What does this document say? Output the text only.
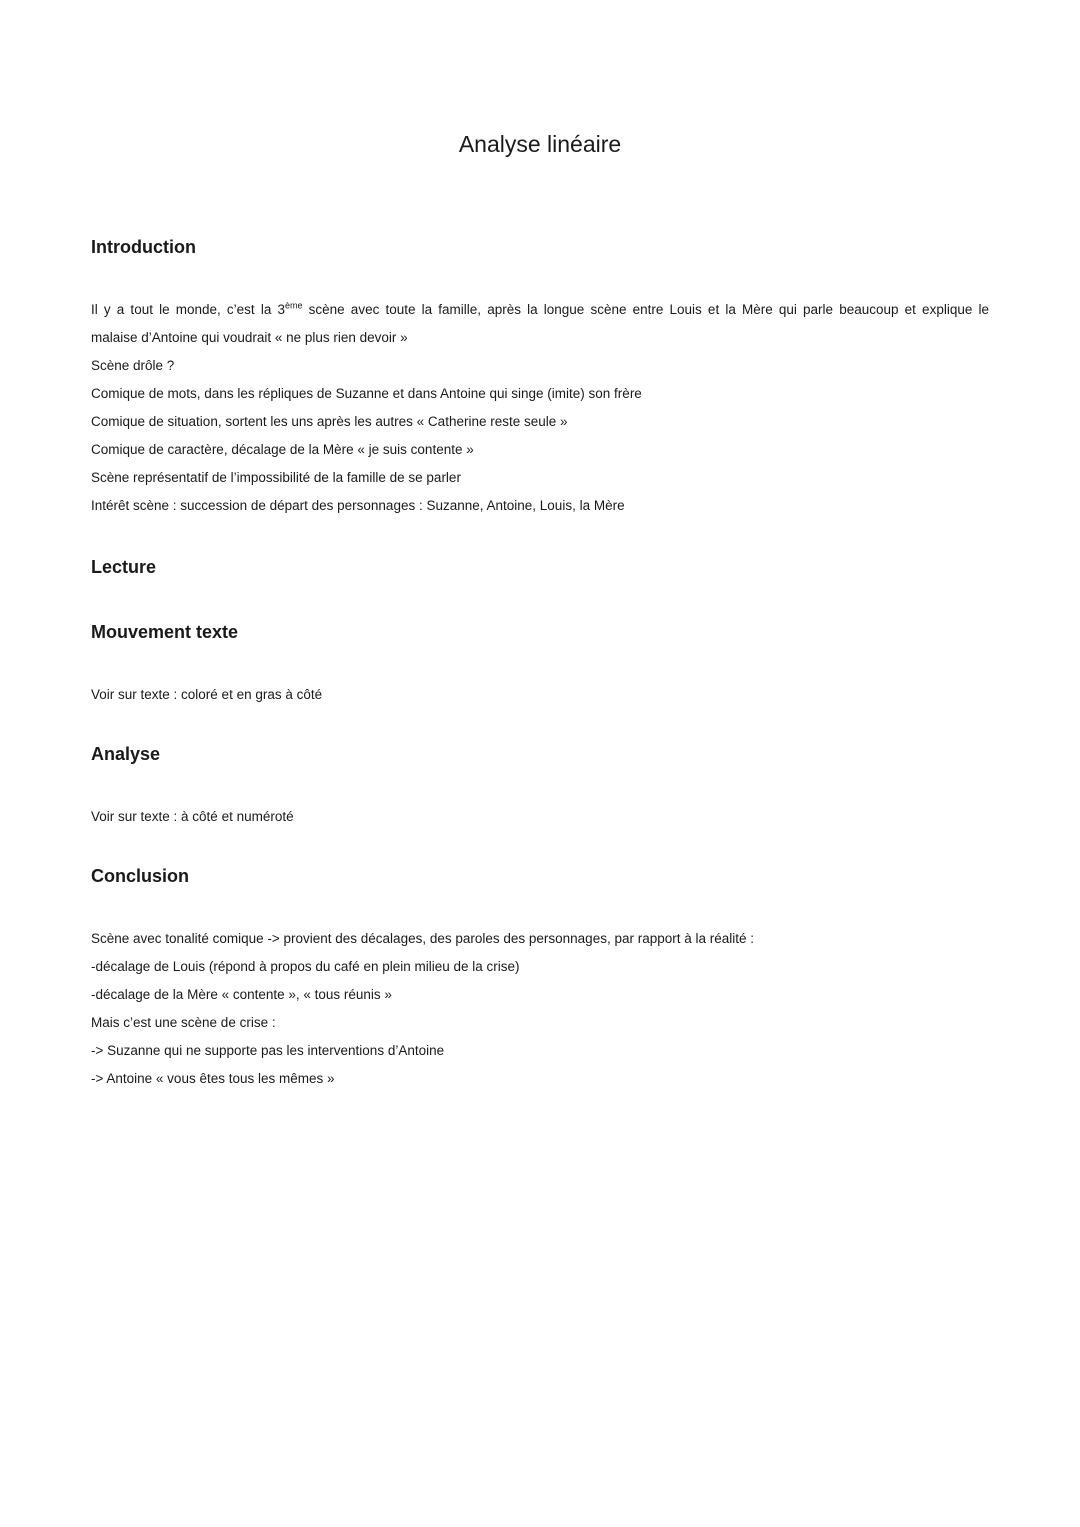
Analyse linéaire
Introduction

Il y a tout le monde, c’est la 3ème scène avec toute la famille, après la longue scène entre Louis et la Mère qui parle beaucoup et explique le

malaise d’Antoine qui voudrait « ne plus rien devoir »

Scène drôle ?

Comique de mots, dans les répliques de Suzanne et dans Antoine qui singe (imite) son frère

Comique de situation, sortent les uns après les autres « Catherine reste seule »

Comique de caractère, décalage de la Mère « je suis contente »

Scène représentatif de l’impossibilité de la famille de se parler

Intérêt scène : succession de départ des personnages : Suzanne, Antoine, Louis, la Mère

Lecture
Mouvement texte

Voir sur texte : coloré et en gras à côté

Analyse

Voir sur texte : à côté et numéroté

Conclusion

Scène avec tonalité comique -> provient des décalages, des paroles des personnages, par rapport à la réalité :

-décalage de Louis (répond à propos du café en plein milieu de la crise)

-décalage de la Mère « contente », « tous réunis »

Mais c’est une scène de crise :

-> Suzanne qui ne supporte pas les interventions d’Antoine

-> Antoine « vous êtes tous les mêmes »
